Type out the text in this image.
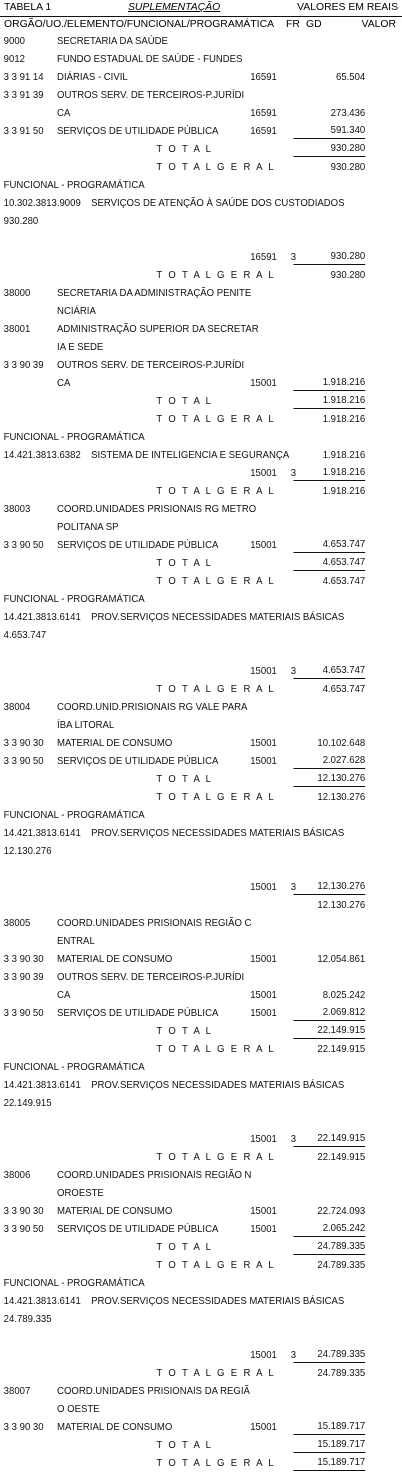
TABELA 1	SUPLEMENTAÇÃO	VALORES EM REAIS
ORGÃO/UO./ELEMENTO/FUNCIONAL/PROGRAMÁTICA FR GD	VALOR
9000	SECRETARIA DA SAÚDE
9012	FUNDO ESTADUAL DE SAÚDE - FUNDES
3 3 91 14 DIÁRIAS - CIVIL	16591	65.504
3 3 91 39 OUTROS SERV. DE TERCEIROS-P.JURÍDI
CA	16591	273.436
3 3 91 50 SERVIÇOS DE UTILIDADE PÚBLICA	16591	591.340
T O T A L	930.280
T O T A L G E R A L	930.280
FUNCIONAL - PROGRAMÁTICA
10.302.3813.9009 SERVIÇOS DE ATENÇÃO À SAÚDE DOS CUSTODIADOS
930.280
16591 3	930.280
T O T A L G E R A L	930.280
38000	SECRETARIA DA ADMINISTRAÇÃO PENITE
NCIÁRIA
38001	ADMINISTRAÇÃO SUPERIOR DA SECRETAR
IA E SEDE
3 3 90 39 OUTROS SERV. DE TERCEIROS-P.JURÍDI
CA	15001	1.918.216
T O T A L	1.918.216
T O T A L G E R A L	1.918.216
FUNCIONAL - PROGRAMÁTICA
14.421.3813.6382 SISTEMA DE INTELIGENCIA E SEGURANÇA	1.918.216
15001 3	1.918.216
T O T A L G E R A L	1.918.216
38003	COORD.UNIDADES PRISIONAIS RG METRO
POLITANA SP
3 3 90 50 SERVIÇOS DE UTILIDADE PÚBLICA	15001	4.653.747
T O T A L	4.653.747
T O T A L G E R A L	4.653.747
FUNCIONAL - PROGRAMÁTICA
14.421.3813.6141 PROV.SERVIÇOS NECESSIDADES MATERIAIS BÁSICAS
4.653.747
15001 3	4.653.747
T O T A L G E R A L	4.653.747
38004	COORD.UNID.PRISIONAIS RG VALE PARA
ÍBA LITORAL
3 3 90 30 MATERIAL DE CONSUMO	15001	10.102.648
3 3 90 50 SERVIÇOS DE UTILIDADE PÚBLICA	15001	2.027.628
T O T A L	12.130.276
T O T A L G E R A L	12.130.276
FUNCIONAL - PROGRAMÁTICA
14.421.3813.6141 PROV.SERVIÇOS NECESSIDADES MATERIAIS BÁSICAS
12.130.276
15001 3	12.130.276
12.130.276
38005	COORD.UNIDADES PRISIONAIS REGIÃO C
ENTRAL
3 3 90 30 MATERIAL DE CONSUMO	15001	12.054.861
3 3 90 39 OUTROS SERV. DE TERCEIROS-P.JURÍDI
CA	15001	8.025.242
3 3 90 50 SERVIÇOS DE UTILIDADE PÚBLICA	15001	2.069.812
T O T A L	22.149.915
T O T A L G E R A L	22.149.915
FUNCIONAL - PROGRAMÁTICA
14.421.3813.6141 PROV.SERVIÇOS NECESSIDADES MATERIAIS BÁSICAS
22.149.915
15001 3	22.149.915
T O T A L G E R A L	22.149.915
38006	COORD.UNIDADES PRISIONAIS REGIÃO N
OROESTE
3 3 90 30 MATERIAL DE CONSUMO	15001	22.724.093
3 3 90 50 SERVIÇOS DE UTILIDADE PÚBLICA	15001	2.065.242
T O T A L	24.789.335
T O T A L G E R A L	24.789.335
FUNCIONAL - PROGRAMÁTICA
14.421.3813.6141 PROV.SERVIÇOS NECESSIDADES MATERIAIS BÁSICAS
24.789.335
15001 3	24.789.335
T O T A L G E R A L	24.789.335
38007	COORD.UNIDADES PRISIONAIS DA REGIÃ
O OESTE
3 3 90 30 MATERIAL DE CONSUMO	15001	15.189.717
T O T A L	15.189.717
T O T A L G E R A L	15.189.717
